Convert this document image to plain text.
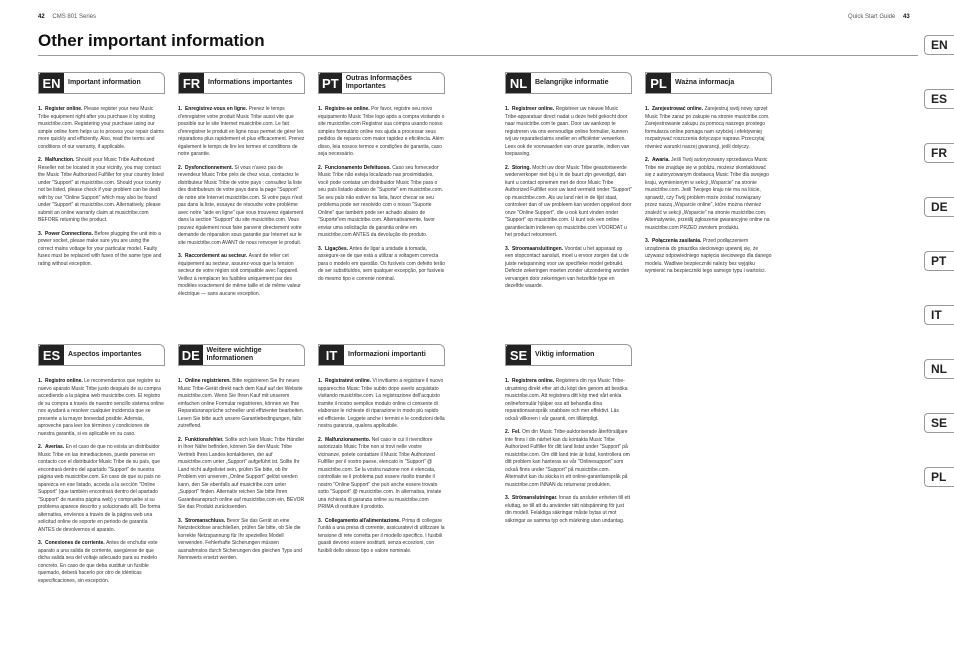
42 CMS 801 Series	Quick Start Guide 43
Other important information
EN	Important information

1.  Register online. Please register your new Music Tribe equipment right after you purchase it by visiting musictribe.com. Registering your purchase using our simple online form helps us to process your repair claims more quickly and efficiently. Also, read the terms and conditions of our warranty, if applicable.

2.  Malfunction. Should your Music Tribe Authorized Reseller not be located in your vicinity, you may contact the Music Tribe Authorized Fulfiller for your country listed under "Support" at musictribe.com. Should your country not be listed, please check if your problem can be dealt with by our "Online Support" which may also be found under "Support" at musictribe.com. Alternatively, please submit an online warranty claim at musictribe.com BEFORE returning the product.

3.  Power Connections. Before plugging the unit into a power socket, please make sure you are using the correct mains voltage for your particular model. Faulty fuses must be replaced with fuses of the same type and rating without exception.

FR	Informations importantes

1.  Enregistrez-vous en ligne. Prenez le temps d'enregistrer votre produit Music Tribe aussi vite que possible sur le site Internet musictribe.com. Le fait d'enregistrer le produit en ligne nous permet de gérer les réparations plus rapidement et plus efficacement. Prenez également le temps de lire les termes et conditions de notre garantie.

2.  Dysfonctionnement. Si vous n'avez pas de revendeur Music Tribe près de chez vous, contactez le distributeur Music Tribe de votre pays : consultez la liste des distributeurs de votre pays dans la page "Support" de notre site Internet musictribe.com. Si votre pays n'est pas dans la liste, essayez de résoudre votre problème avec notre "aide en ligne" que vous trouverez également dans la section "Support" du site musictribe.com. Vous pouvez également nous faire parvenir directement votre demande de réparation sous garantie par Internet sur le site musictribe.com AVANT de nous renvoyer le produit.

3.  Raccordement au secteur. Avant de relier cet équipement au secteur, assurez-vous que la tension secteur de votre région soit compatible avec l'appareil. Veillez à remplacer les fusibles uniquement par des modèles exactement de même taille et de même valeur électrique — sans aucune exception.

PT	Outras Informações Importantes

1.  Registre-se online. Por favor, registre seu novo equipamento Music Tribe logo após a compra visitando o site musictribe.com Registrar sua compra usando nosso simples formulário online nos ajuda a processar seus pedidos de reparos com maior rapidez e eficiência. Além disso, leia nossos termos e condições de garantia, caso seja necessário.

2.  Funcionamento Defeituoso. Caso seu fornecedor Music Tribe não esteja localizado nas proximidades, você pode contatar um distribuidor Music Tribe para o seu país listado abaixo de "Suporte" em musictribe.com. Se seu país não estiver na lista, favor checar se seu problema pode ser resolvido com o nosso "Suporte Online" que também pode ser achado abaixo de "Suporte"em musictribe.com. Alternativamente, favor enviar uma solicitação de garantia online em musictribe.com ANTES da devolução do produto.

3.  Ligações. Antes de ligar a unidade à tomada, assegure-se de que está a utilizar a voltagem correcta para o modelo em questão. Os fusíveis com defeito terão de ser substituídos, sem qualquer excepção, por fusíveis do mesmo tipo e corrente nominal.

NL	Belangrijke informatie

1.  Registreer online. Registreer uw nieuwe Music Tribe-apparatuur direct nadat u deze hebt gekocht door naar musictribe.com te gaan. Door uw aankoop te registreren via ons eenvoudige online formulier, kunnen wij uw reparatieclaims sneller en efficiënter verwerken. Lees ook de voorwaarden van onze garantie, indien van toepassing.

2.  Storing. Mocht uw door Music Tribe geautoriseerde wederverkoper niet bij u in de buurt zijn gevestigd, dan kunt u contact opnemen met de door Music Tribe Authorized Fulfiller voor uw land vermeld onder "Support" op musictribe.com. Als uw land niet in de lijst staat, controleer dan of uw probleem kan worden opgelost door onze "Online Support", die u ook kunt vinden onder "Support" op musictribe.com. U kunt ook een online garantieclaim indienen op musictribe.com VOORDAT u het product retourneert.

3.  Stroomaansluitingen. Voordat u het apparaat op een stopcontact aansluit, moet u ervoor zorgen dat u de juiste netspanning voor uw specifieke model gebruikt. Defecte zekeringen moeten zonder uitzondering worden vervangen door zekeringen van hetzelfde type en dezelfde waarde.

PL	Ważna informacja

1.  Zarejestrować online. Zarejestruj swój nowy sprzęt Music Tribe zaraz po zakupie na stronie musictribe.com. Zarejestrowanie zakupu za pomocą naszego prostego formularza online pomaga nam szybciej i efektywniej rozpatrywać roszczenia dotyczące napraw. Przeczytaj również warunki naszej gwarancji, jeśli dotyczy.

2.  Awaria. Jeśli Twój autoryzowany sprzedawca Music Tribe nie znajduje się w pobliżu, możesz skontaktować się z autoryzowanym dostawcą Music Tribe dla swojego kraju, wymienionym w sekcji „Wsparcie" na stronie musictribe.com. Jeśli Twojego kraju nie ma na liście, sprawdź, czy Twój problem może zostać rozwiązany przez naszą „Wsparcie online", które można również znaleźć w sekcji „Wsparcie" na stronie musictribe.com. Alternatywnie, prześlij zgłoszenie gwarancyjne online na musictribe.com PRZED zwrotem produktu.

3.  Połączenia zasilania. Przed podłączeniem urządzenia do gniazdka sieciowego upewnij się, że używasz odpowiedniego napięcia sieciowego dla danego modelu. Wadliwe bezpieczniki należy bez wyjątku wymienić na bezpieczniki tego samego typu i wartości.

ES	Aspectos importantes

1.  Registro online. Le recomendamos que registre su nuevo aparato Music Tribe justo después de su compra accediendo a la página web musictribe.com. El registro de su compra a través de nuestro sencillo sistema online nos ayudará a resolver cualquier incidencia que se presente a la mayor brevedad posible. Además, aproveche para leer los términos y condiciones de nuestra garantía, si es aplicable en su caso.

2.  Averías. En el caso de que no exista un distribuidor Music Tribe en las inmediaciones, puede ponerse en contacto con el distribuidor Music Tribe de su país, que encontrará dentro del apartado "Support" de nuestra página web musictribe.com. En caso de que su país no aparezca en ese listado, acceda a la sección "Online Support" (que también encontrará dentro del apartado "Support" de nuestra página web) y compruebe si su problema aparece descrito y solucionado allí. De forma alternativa, envíenos a través de la página web una solicitud online de soporte en periodo de garantía ANTES de devolvernos el aparato.

3.  Conexiones de corriente. Antes de enchufar este aparato a una salida de corriente, asegúrese de que dicha salida sea del voltaje adecuado para su modelo concreto. En caso de que deba sustituir un fusible quemado, deberá hacerlo por otro de idénticas especificaciones, sin excepción.

DE Weitere wichtige Informationen

1.  Online registrieren. Bitte registrieren Sie Ihr neues Music Tribe-Gerät direkt nach dem Kauf auf der Website musictribe.com. Wenn Sie Ihren Kauf mit unserem einfachen online Formular registrieren, können wir Ihre Reparaturansprüche schneller und effizienter bearbeiten. Lesen Sie bitte auch unsere Garantiebedingungen, falls zutreffend.

2.  Funktionsfehler. Sollte sich kein Music Tribe Händler in Ihrer Nähe befinden, können Sie den Music Tribe Vertrieb Ihres Landes kontaktieren, der auf musictribe.com unter „Support" aufgeführt ist. Sollte Ihr Land nicht aufgelistet sein, prüfen Sie bitte, ob Ihr Problem von unserem „Online Support" gelöst werden kann, den Sie ebenfalls auf musictribe.com unter „Support" finden. Alternativ reichen Sie bitte Ihren Garantieanspruch online auf musictribe.com ein, BEVOR Sie das Produkt zurücksenden.

3.  Stromanschluss. Bevor Sie das Gerät an eine Netzsteckdose anschließen, prüfen Sie bitte, ob Sie die korrekte Netzspannung für Ihr spezielles Modell verwenden. Fehlerhafte Sicherungen müssen ausnahmslos durch Sicherungen des gleichen Typs und Nennwerts ersetzt werden.

IT	Informazioni importanti

1.  Registratevi online. Vi invitiamo a registrare il nuovo apparecchio Music Tribe subito dopo averlo acquistato visitando musictribe.com. La registrazione dell'acquisto tramite il nostro semplice modulo online ci consente di elaborare le richieste di riparazione in modo più rapido ed efficiente. Leggete anche i termini e le condizioni della nostra garanzia, qualora applicabile.

2.  Malfunzionamento. Nel caso in cui il rivenditore autorizzato Music Tribe non si trovi nelle vostre vicinanze, potete contattare il Music Tribe Authorized Fulfiller per il vostro paese, elencato in "Support" @ musictribe.com. Se la vostra nazione non è elencata, controllate se il problema può essere risolto tramite il nostro "Online Support" che può anche essere trovato sotto "Support" @ musictribe.com. In alternativa, inviate una richiesta di garanzia online su musictribe.com PRIMA di restituire il prodotto.

3.  Collegamento all'alimentazione. Prima di collegare l'unità a una presa di corrente, assicuratevi di utilizzare la tensione di rete corretta per il modello specifico. I fusibili guasti devono essere sostituiti, senza eccezioni, con fusibili dello stesso tipo e valore nominale.

SE	Viktig information

1.  Registrera online. Registrera din nya Music Tribe-utrustning direkt efter att du köpt den genom att besöka musictribe.com. Att registrera ditt köp med vårt enkla onlineformulär hjälper oss att behandla dina reparationsanspråk snabbare och mer effektivt. Läs också villkoren i vår garanti, om tillämpligt.

2.  Fel. Om din Music Tribe-auktoriserade återförsäljare inte finns i din närhet kan du kontakta Music Tribe Authorized Fulfiller för ditt land listat under "Support" på musictribe.com. Om ditt land inte är listat, kontrollera om ditt problem kan hanteras av vår "Onlinesupport" som också finns under "Support" på musictribe.com. Alternativt kan du skicka in ett online-garantianspråk på musictribe.com INNAN du returnerar produkten.

3.  Strömanslutningar. Innan du ansluter enheten till ett eluttag, se till att du använder rätt nätspänning för just din modell. Felaktiga säkringar måste bytas ut mot säkringar av samma typ och märkning utan undantag.

EN
ES
FR
DE
PT
IT
NL
SE
PL
